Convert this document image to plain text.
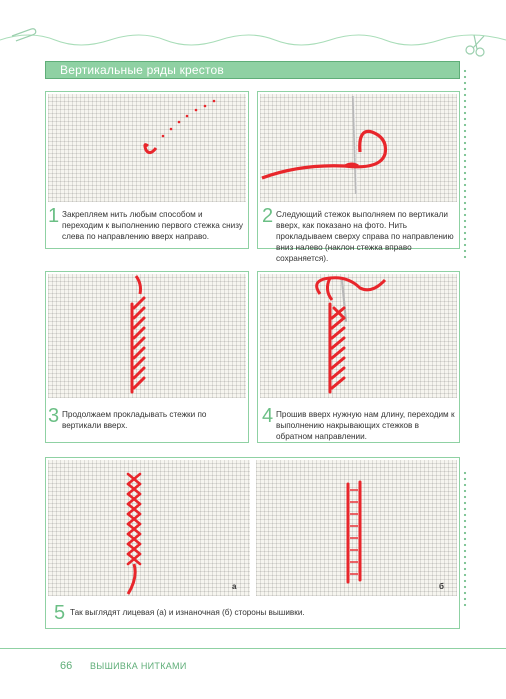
Вертикальные ряды крестов
1 Закрепляем нить любым способом и переходим к выполнению первого стежка снизу слева по направлению вверх направо.
2 Следующий стежок выполняем по вертикали вверх, как показано на фото. Нить прокладываем сверху справа по направлению вниз налево (наклон стежка вправо сохраняется).
3 Продолжаем прокладывать стежки по вертикали вверх.	4 Прошив вверх нужную нам длину, переходим к выполнению накрывающих стежков в обратном направлении.
а	б
5 Так выглядят лицевая (а) и изнаночная (б) стороны вышивки.
66 ВЫШИВКА НИТКАМИ
